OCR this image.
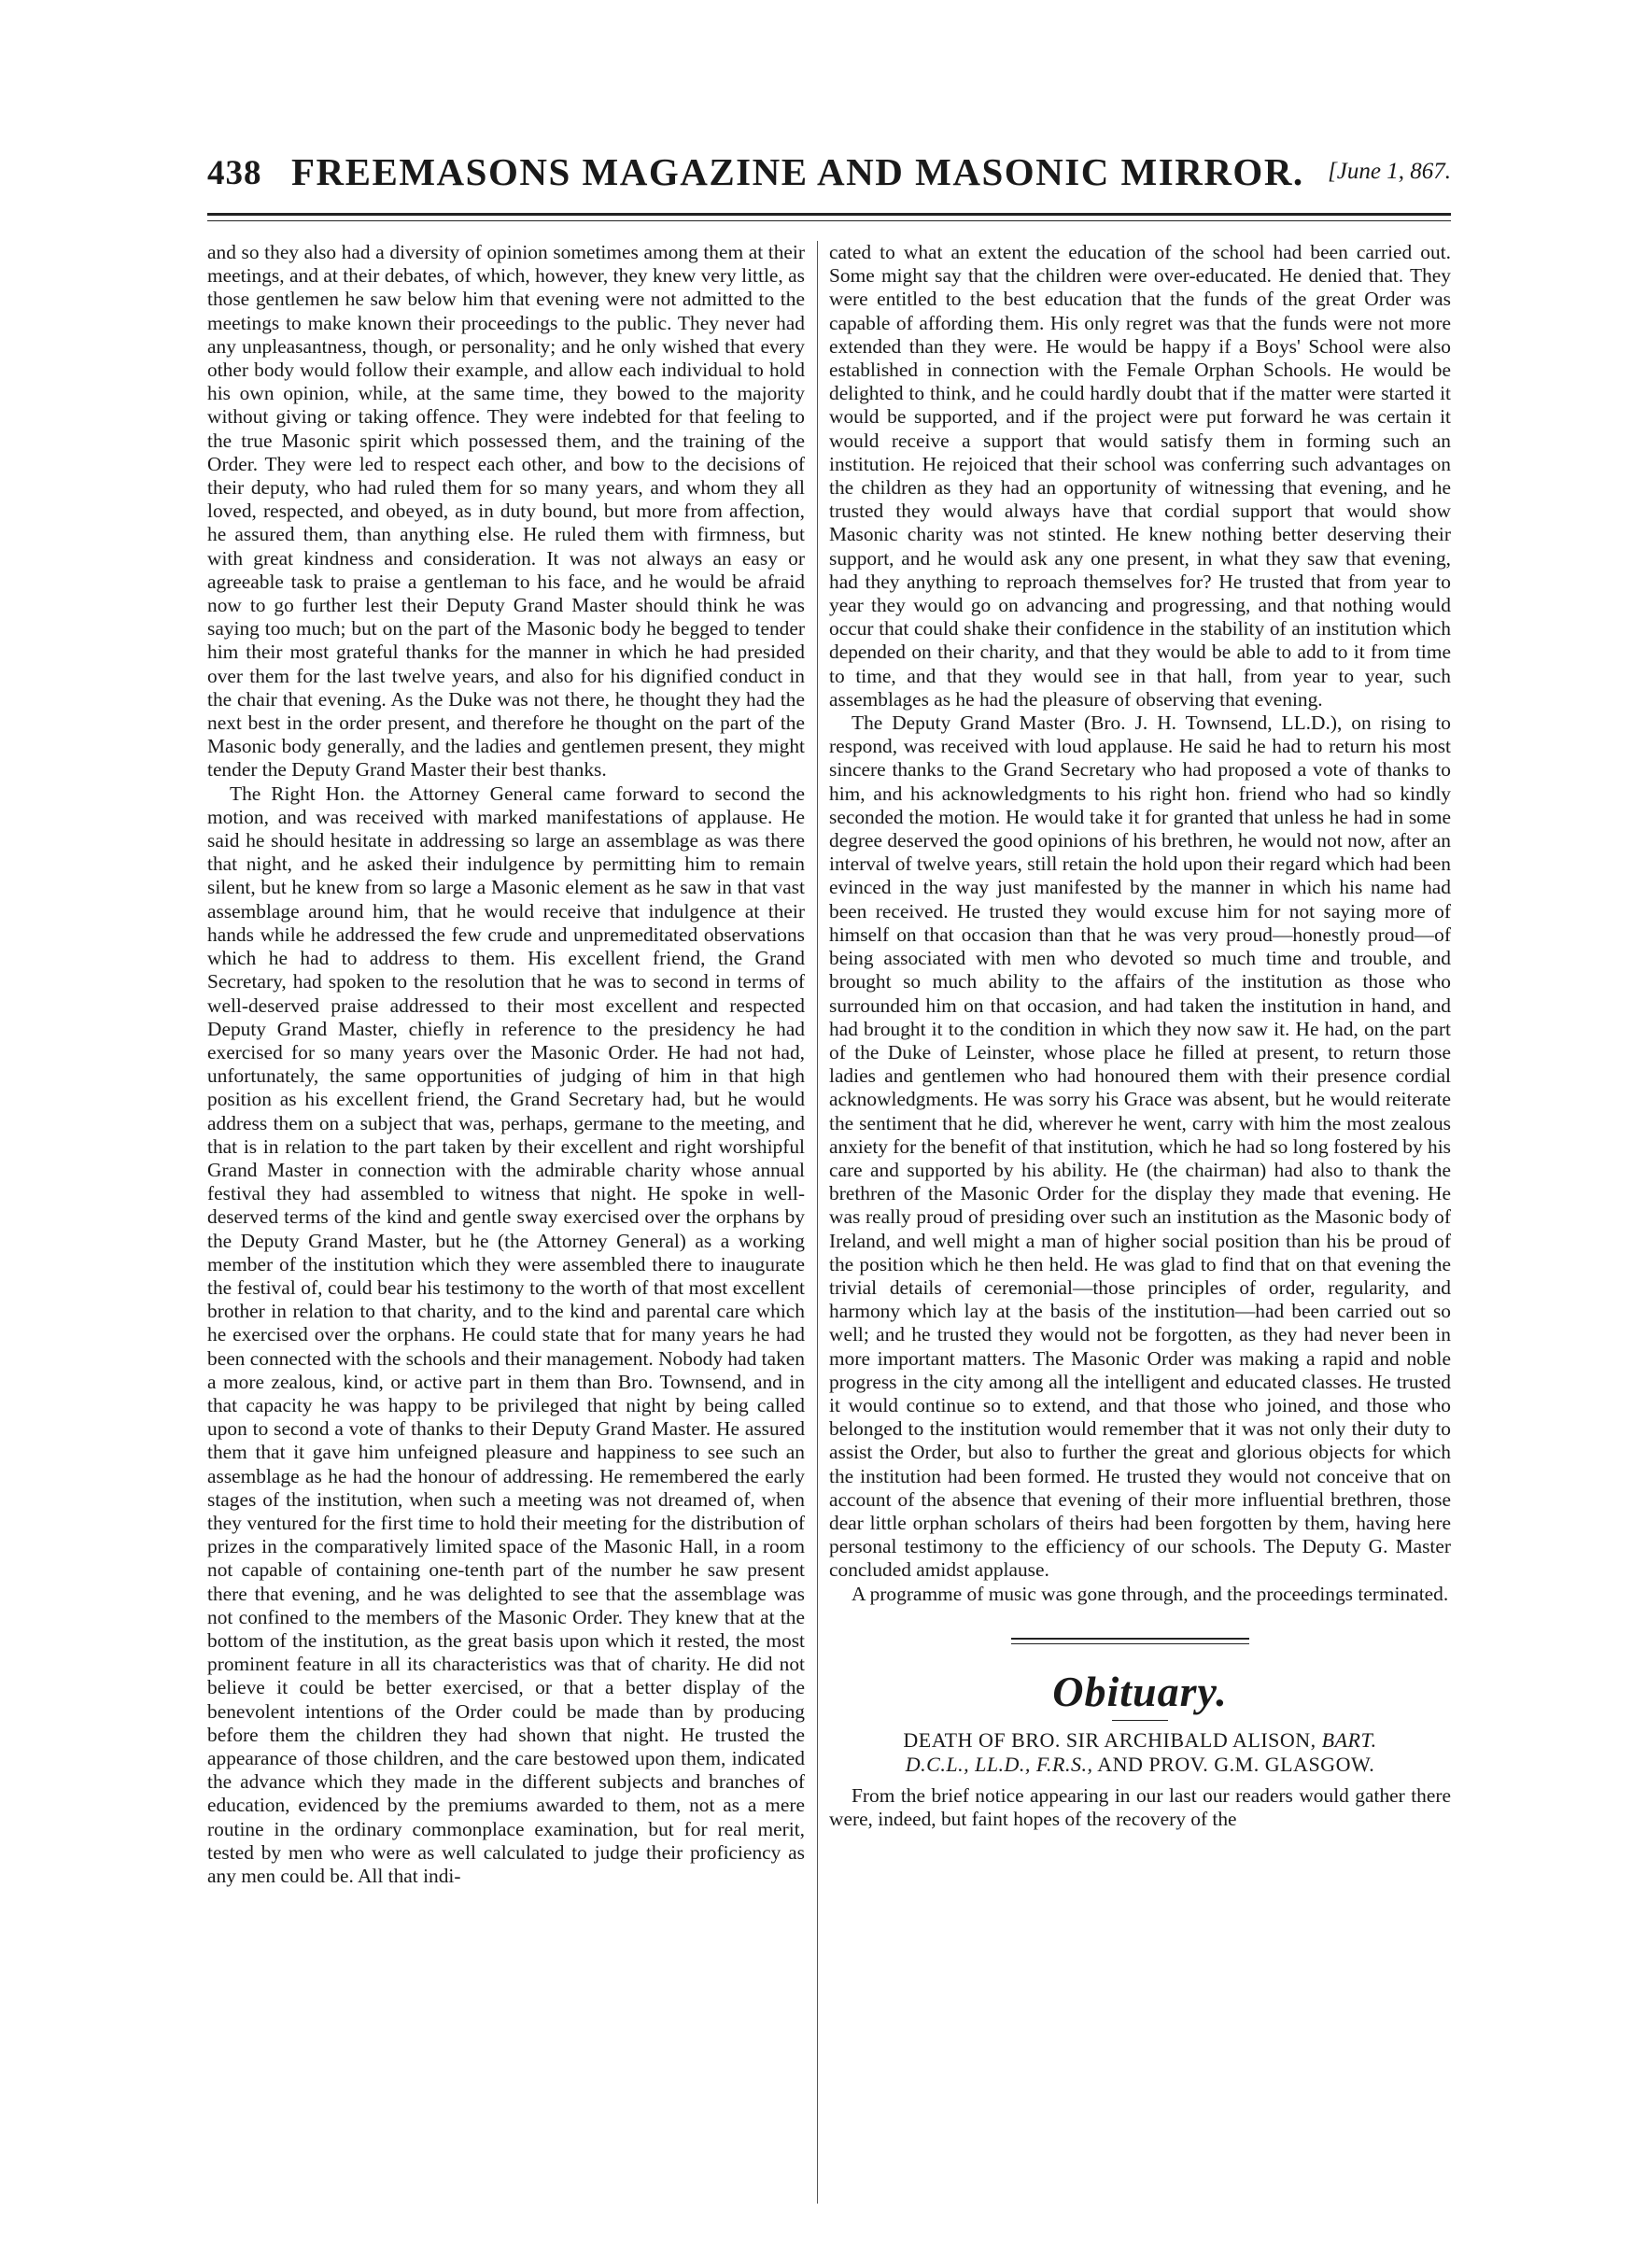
438 FREEMASONS MAGAZINE AND MASONIC MIRROR. [June 1, 867.

and so they also had a diversity of opinion sometimes among them at their meetings, and at their debates, of which, however, they knew very little, as those gentlemen he saw below him that evening were not admitted to the meetings to make known their proceedings to the public. They never had any unpleasantness, though, or personality; and he only wished that every other body would follow their example, and allow each individual to hold his own opinion, while, at the same time, they bowed to the majority without giving or taking offence. They were indebted for that feeling to the true Masonic spirit which possessed them, and the training of the Order. They were led to respect each other, and bow to the decisions of their deputy, who had ruled them for so many years, and whom they all loved, respected, and obeyed, as in duty bound, but more from affection, he assured them, than anything else. He ruled them with firmness, but with great kindness and consideration. It was not always an easy or agreeable task to praise a gentleman to his face, and he would be afraid now to go further lest their Deputy Grand Master should think he was saying too much; but on the part of the Masonic body he begged to tender him their most grateful thanks for the manner in which he had presided over them for the last twelve years, and also for his dignified conduct in the chair that evening. As the Duke was not there, he thought they had the next best in the order present, and therefore he thought on the part of the Masonic body generally, and the ladies and gentlemen present, they might tender the Deputy Grand Master their best thanks.

The Right Hon. the Attorney General came forward to second the motion, and was received with marked manifestations of applause. He said he should hesitate in addressing so large an assemblage as was there that night, and he asked their indulgence by permitting him to remain silent, but he knew from so large a Masonic element as he saw in that vast assemblage around him, that he would receive that indulgence at their hands while he addressed the few crude and unpremeditated observations which he had to address to them. His excellent friend, the Grand Secretary, had spoken to the resolution that he was to second in terms of well-deserved praise addressed to their most excellent and respected Deputy Grand Master, chiefly in reference to the presidency he had exercised for so many years over the Masonic Order. He had not had, unfortunately, the same opportunities of judging of him in that high position as his excellent friend, the Grand Secretary had, but he would address them on a subject that was, perhaps, germane to the meeting, and that is in relation to the part taken by their excellent and right worshipful Grand Master in connection with the admirable charity whose annual festival they had assembled to witness that night. He spoke in well-deserved terms of the kind and gentle sway exercised over the orphans by the Deputy Grand Master, but he (the Attorney General) as a working member of the institution which they were assembled there to inaugurate the festival of, could bear his testimony to the worth of that most excellent brother in relation to that charity, and to the kind and parental care which he exercised over the orphans. He could state that for many years he had been connected with the schools and their management. Nobody had taken a more zealous, kind, or active part in them than Bro. Townsend, and in that capacity he was happy to be privileged that night by being called upon to second a vote of thanks to their Deputy Grand Master. He assured them that it gave him unfeigned pleasure and happiness to see such an assemblage as he had the honour of addressing. He remembered the early stages of the institution, when such a meeting was not dreamed of, when they ventured for the first time to hold their meeting for the distribution of prizes in the comparatively limited space of the Masonic Hall, in a room not capable of containing one-tenth part of the number he saw present there that evening, and he was delighted to see that the assemblage was not confined to the members of the Masonic Order. They knew that at the bottom of the institution, as the great basis upon which it rested, the most prominent feature in all its characteristics was that of charity. He did not believe it could be better exercised, or that a better display of the benevolent intentions of the Order could be made than by producing before them the children they had shown that night. He trusted the appearance of those children, and the care bestowed upon them, indicated the advance which they made in the different subjects and branches of education, evidenced by the premiums awarded to them, not as a mere routine in the ordinary commonplace examination, but for real merit, tested by men who were as well calculated to judge their proficiency as any men could be. All that indi-

cated to what an extent the education of the school had been carried out. Some might say that the children were over-educated. He denied that. They were entitled to the best education that the funds of the great Order was capable of affording them. His only regret was that the funds were not more extended than they were. He would be happy if a Boys' School were also established in connection with the Female Orphan Schools. He would be delighted to think, and he could hardly doubt that if the matter were started it would be supported, and if the project were put forward he was certain it would receive a support that would satisfy them in forming such an institution. He rejoiced that their school was conferring such advantages on the children as they had an opportunity of witnessing that evening, and he trusted they would always have that cordial support that would show Masonic charity was not stinted. He knew nothing better deserving their support, and he would ask any one present, in what they saw that evening, had they anything to reproach themselves for? He trusted that from year to year they would go on advancing and progressing, and that nothing would occur that could shake their confidence in the stability of an institution which depended on their charity, and that they would be able to add to it from time to time, and that they would see in that hall, from year to year, such assemblages as he had the pleasure of observing that evening.

The Deputy Grand Master (Bro. J. H. Townsend, LL.D.), on rising to respond, was received with loud applause. He said he had to return his most sincere thanks to the Grand Secretary who had proposed a vote of thanks to him, and his acknowledgments to his right hon. friend who had so kindly seconded the motion. He would take it for granted that unless he had in some degree deserved the good opinions of his brethren, he would not now, after an interval of twelve years, still retain the hold upon their regard which had been evinced in the way just manifested by the manner in which his name had been received. He trusted they would excuse him for not saying more of himself on that occasion than that he was very proud—honestly proud—of being associated with men who devoted so much time and trouble, and brought so much ability to the affairs of the institution as those who surrounded him on that occasion, and had taken the institution in hand, and had brought it to the condition in which they now saw it. He had, on the part of the Duke of Leinster, whose place he filled at present, to return those ladies and gentlemen who had honoured them with their presence cordial acknowledgments. He was sorry his Grace was absent, but he would reiterate the sentiment that he did, wherever he went, carry with him the most zealous anxiety for the benefit of that institution, which he had so long fostered by his care and supported by his ability. He (the chairman) had also to thank the brethren of the Masonic Order for the display they made that evening. He was really proud of presiding over such an institution as the Masonic body of Ireland, and well might a man of higher social position than his be proud of the position which he then held. He was glad to find that on that evening the trivial details of ceremonial—those principles of order, regularity, and harmony which lay at the basis of the institution—had been carried out so well; and he trusted they would not be forgotten, as they had never been in more important matters. The Masonic Order was making a rapid and noble progress in the city among all the intelligent and educated classes. He trusted it would continue so to extend, and that those who joined, and those who belonged to the institution would remember that it was not only their duty to assist the Order, but also to further the great and glorious objects for which the institution had been formed. He trusted they would not conceive that on account of the absence that evening of their more influential brethren, those dear little orphan scholars of theirs had been forgotten by them, having here personal testimony to the efficiency of our schools. The Deputy G. Master concluded amidst applause.

A programme of music was gone through, and the proceedings terminated.

Obituary.
DEATH OF BRO. SIR ARCHIBALD ALISON, BART.
D.C.L., LL.D., F.R.S., AND PROV. G.M. GLASGOW.

From the brief notice appearing in our last our readers would gather there were, indeed, but faint hopes of the recovery of the
